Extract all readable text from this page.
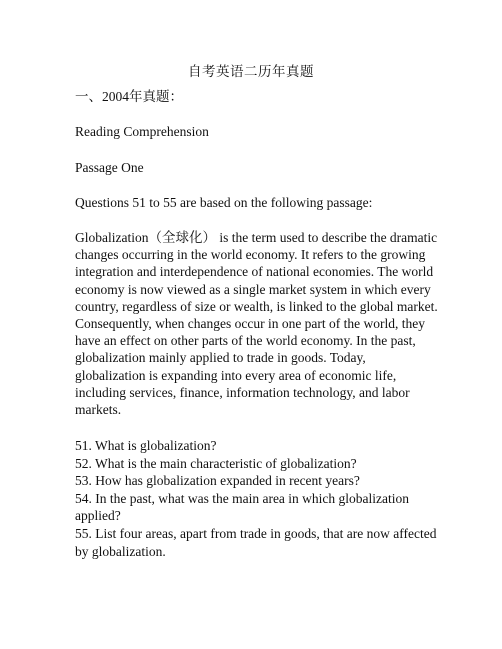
自考英语二历年真题
一、2004年真题：
Reading Comprehension
Passage One
Questions 51 to 55 are based on the following passage:
Globalization（全球化） is the term used to describe the dramatic
changes occurring in the world economy. It refers to the growing
integration and interdependence of national economies. The world
economy is now viewed as a single market system in which every
country, regardless of size or wealth, is linked to the global market.
Consequently, when changes occur in one part of the world, they
have an effect on other parts of the world economy. In the past,
globalization mainly applied to trade in goods. Today,
globalization is expanding into every area of economic life,
including services, finance, information technology, and labor
markets.
51. What is globalization?
52. What is the main characteristic of globalization?
53. How has globalization expanded in recent years?
54. In the past, what was the main area in which globalization applied?
55. List four areas, apart from trade in goods, that are now affected by globalization.
